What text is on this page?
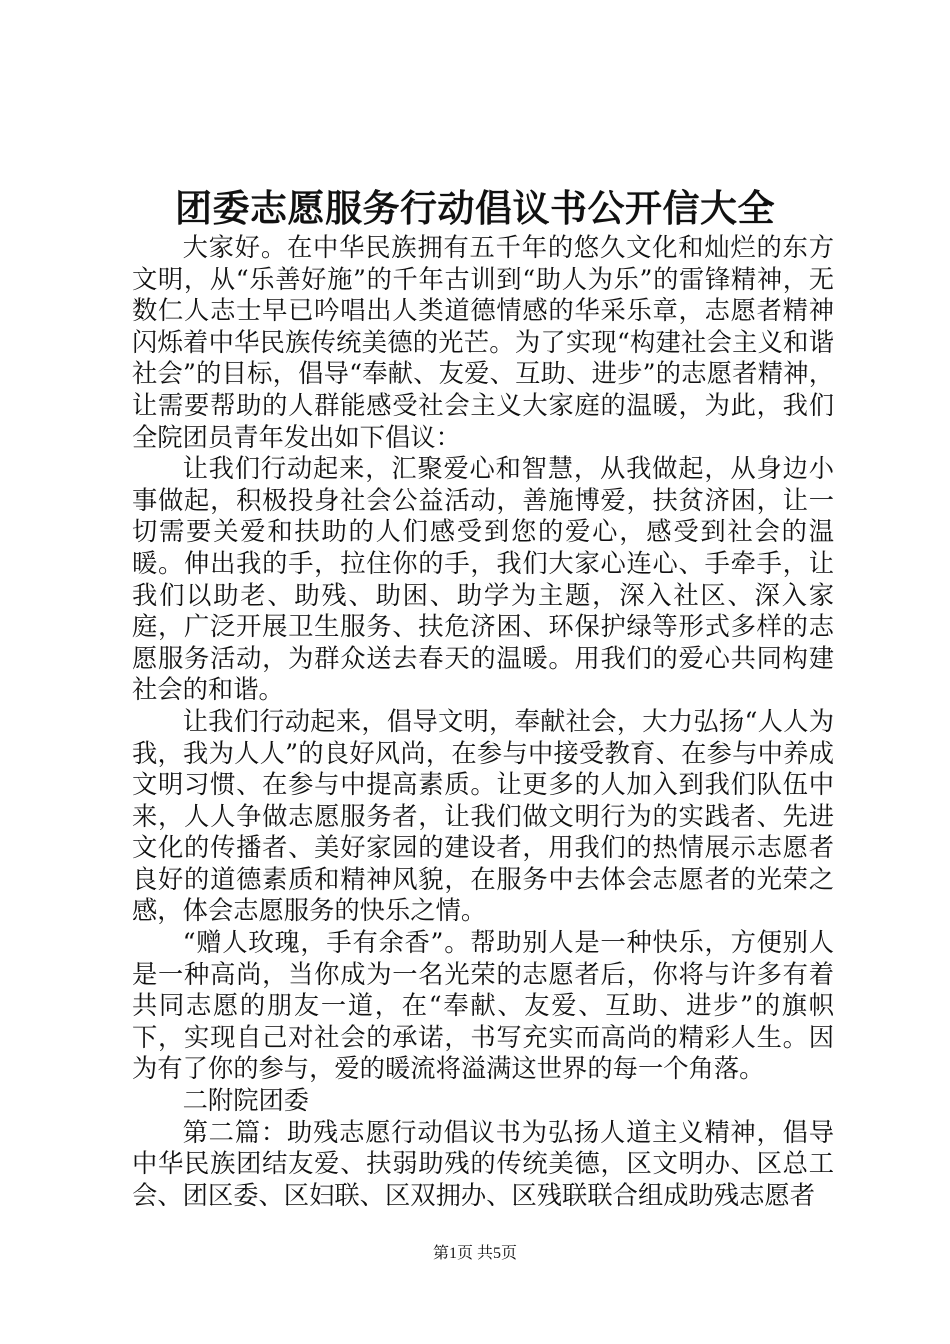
团委志愿服务行动倡议书公开信大全

大家好。在中华民族拥有五千年的悠久文化和灿烂的东方文明，从“乐善好施”的千年古训到“助人为乐”的雷锋精神，无数仁人志士早已吟唱出人类道德情感的华采乐章，志愿者精神闪烁着中华民族传统美德的光芒。为了实现“构建社会主义和谐社会”的目标，倡导“奉献、友爱、互助、进步”的志愿者精神，让需要帮助的人群能感受社会主义大家庭的温暖，为此，我们全院团员青年发出如下倡议：

让我们行动起来，汇聚爱心和智慧，从我做起，从身边小事做起，积极投身社会公益活动，善施博爱，扶贫济困，让一切需要关爱和扶助的人们感受到您的爱心，感受到社会的温暖。伸出我的手，拉住你的手，我们大家心连心、手牵手，让我们以助老、助残、助困、助学为主题，深入社区、深入家庭，广泛开展卫生服务、扶危济困、环保护绿等形式多样的志愿服务活动，为群众送去春天的温暖。用我们的爱心共同构建社会的和谐。

让我们行动起来，倡导文明，奉献社会，大力弘扬“人人为我，我为人人”的良好风尚，在参与中接受教育、在参与中养成文明习惯、在参与中提高素质。让更多的人加入到我们队伍中来，人人争做志愿服务者，让我们做文明行为的实践者、先进文化的传播者、美好家园的建设者，用我们的热情展示志愿者良好的道德素质和精神风貌，在服务中去体会志愿者的光荣之感，体会志愿服务的快乐之情。

“赠人玫瑰，手有余香”。帮助别人是一种快乐，方便别人是一种高尚，当你成为一名光荣的志愿者后，你将与许多有着共同志愿的朋友一道，在“奉献、友爱、互助、进步”的旗帜下，实现自己对社会的承诺，书写充实而高尚的精彩人生。因为有了你的参与，爱的暖流将溢满这世界的每一个角落。

二附院团委

第二篇：助残志愿行动倡议书为弘扬人道主义精神，倡导中华民族团结友爱、扶弱助残的传统美德，区文明办、区总工会、团区委、区妇联、区双拥办、区残联联合组成助残志愿者

第1页 共5页
